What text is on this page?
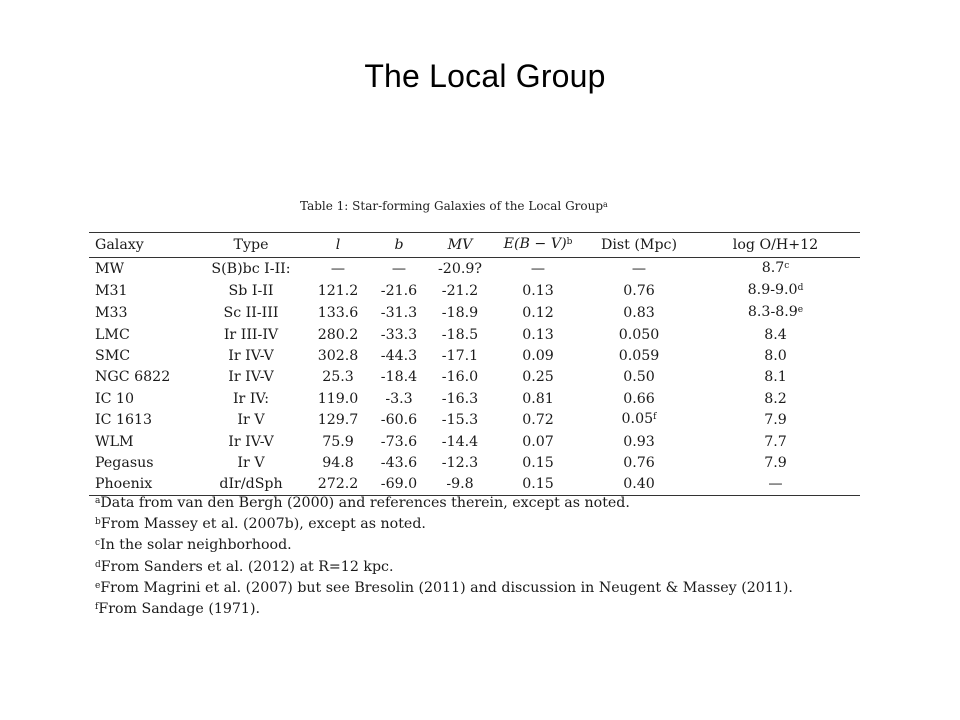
The Local Group
Table 1: Star-forming Galaxies of the Local Group$^a$
Galaxy	Type	l	b	MV	E(B − V)$^b$	Dist (Mpc)	log O/H+12
MW	S(B)bc I-II:	—	—	-20.9?	—	—	8.7$^c$
M31	Sb I-II	121.2	-21.6	-21.2	0.13	0.76	8.9-9.0$^d$
M33	Sc II-III	133.6	-31.3	-18.9	0.12	0.83	8.3-8.9e
LMC	Ir III-IV	280.2	-33.3	-18.5	0.13	0.050	8.4
SMC	Ir IV-V	302.8	-44.3	-17.1	0.09	0.059	8.0
NGC 6822	Ir IV-V	25.3	-18.4	-16.0	0.25	0.50	8.1
IC 10	Ir IV:	119.0	-3.3	-16.3	0.81	0.66	8.2
IC 1613	Ir V	129.7	-60.6	-15.3	0.72	0.05$^f$	7.9
WLM	Ir IV-V	75.9	-73.6	-14.4	0.07	0.93	7.7
Pegasus	Ir V	94.8	-43.6	-12.3	0.15	0.76	7.9
Phoenix	dIr/dSph	272.2	-69.0	-9.8	0.15	0.40	—
$^a$Data from van den Bergh (2000) and references therein, except as noted.
$^b$From Massey et al. (2007b), except as noted.
$^c$In the solar neighborhood.
$^d$From Sanders et al. (2012) at R=12 kpc.
$^e$From Magrini et al. (2007) but see Bresolin (2011) and discussion in Neugent & Massey (2011).
$^f$From Sandage (1971).
